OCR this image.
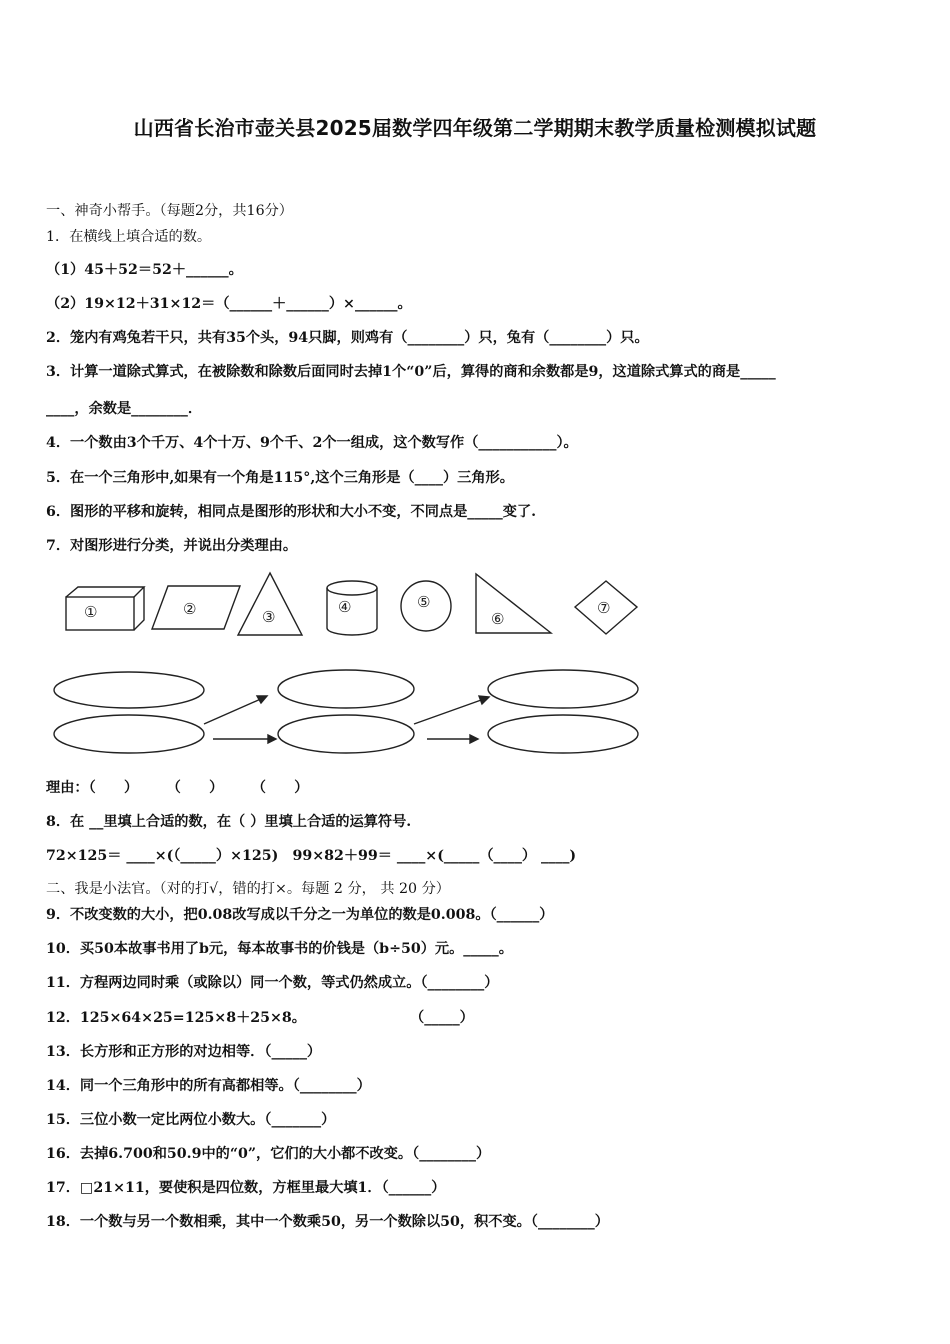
山西省长治市壶关县2025届数学四年级第二学期期末教学质量检测模拟试题
一、神奇小帮手。（每题2分，共16分）
1．在横线上填合适的数。
（1）45＋52＝52＋______。
（2）19×12＋31×12＝（______＋______）×______。
2．笼内有鸡兔若干只，共有35个头，94只脚，则鸡有（________）只，兔有（________）只。
3．计算一道除式算式，在被除数和除数后面同时去掉1个“0”后，算得的商和余数都是9，这道除式算式的商是_____
____，余数是________．
4．一个数由3个千万、4个十万、9个千、2个一组成，这个数写作（___________）。
5．在一个三角形中,如果有一个角是115°,这个三角形是（____）三角形。
6．图形的平移和旋转，相同点是图形的形状和大小不变，不同点是_____变了.
7．对图形进行分类，并说出分类理由。
①	②	③
④	⑤
⑥
⑦
理由：（　　）　　　（　　）　　　（　　）
8．在 __里填上合适的数，在（ ）里填上合适的运算符号.
72×125＝ ____×(（_____）×125)　99×82＋99＝ ____×(_____（____） ____)
二、我是小法官。（对的打√，错的打×。每题 2 分， 共 20 分）
9．不改变数的大小，把0.08改写成以千分之一为单位的数是0.008。（______）
10．买50本故事书用了b元，每本故事书的价钱是（b÷50）元。_____。
11．方程两边同时乘（或除以）同一个数，等式仍然成立。（________）
12．125×64×25=125×8＋25×8。	（_____）
13．长方形和正方形的对边相等．（_____）
14．同一个三角形中的所有高都相等。（________）
15．三位小数一定比两位小数大。（_______）
16．去掉6.700和50.9中的“0”，它们的大小都不改变。（________）
17．□21×11，要使积是四位数，方框里最大填1．（______）
18．一个数与另一个数相乘，其中一个数乘50，另一个数除以50，积不变。（________）
